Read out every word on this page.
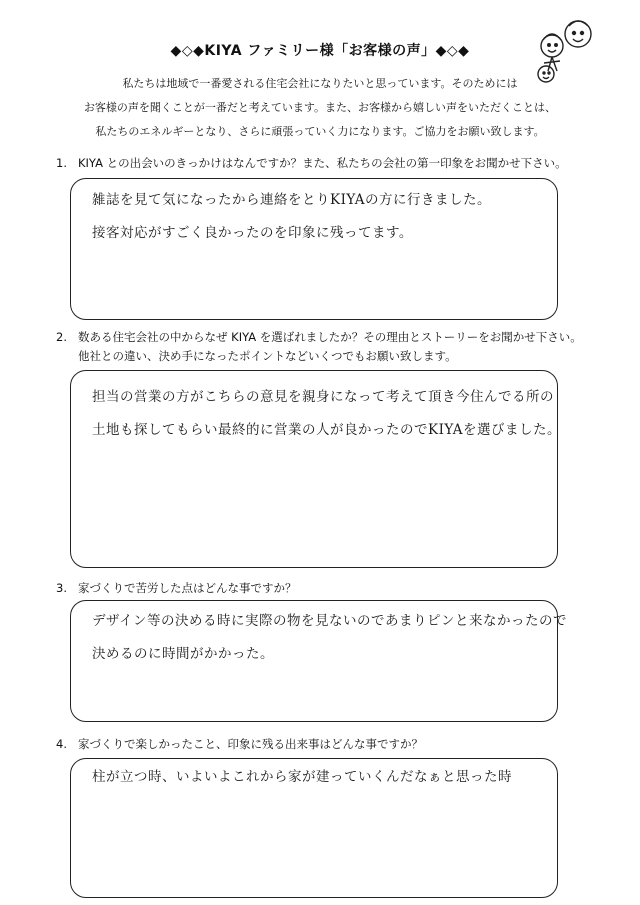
◆◇◆KIYA ファミリー様「お客様の声」◆◇◆
私たちは地域で一番愛される住宅会社になりたいと思っています。そのためには
お客様の声を聞くことが一番だと考えています。また、お客様から嬉しい声をいただくことは、
私たちのエネルギーとなり、さらに頑張っていく力になります。ご協力をお願い致します。
1. KIYA との出会いのきっかけはなんですか？また、私たちの会社の第一印象をお聞かせ下さい。
雑誌を見て気になったから連絡をとりKIYAの方に行きました。
接客対応がすごく良かったのを印象に残ってます。
2. 数ある住宅会社の中からなぜ KIYA を選ばれましたか？その理由とストーリーをお聞かせ下さい。
他社との違い、決め手になったポイントなどいくつでもお願い致します。
担当の営業の方がこちらの意見を親身になって考えて頂き今住んでる所の
土地も探してもらい最終的に営業の人が良かったのでKIYAを選びました。
3. 家づくりで苦労した点はどんな事ですか？
デザイン等の決める時に実際の物を見ないのであまりピンと来なかったので
決めるのに時間がかかった。
4. 家づくりで楽しかったこと、印象に残る出来事はどんな事ですか？
柱が立つ時、いよいよこれから家が建っていくんだなぁと思った時
